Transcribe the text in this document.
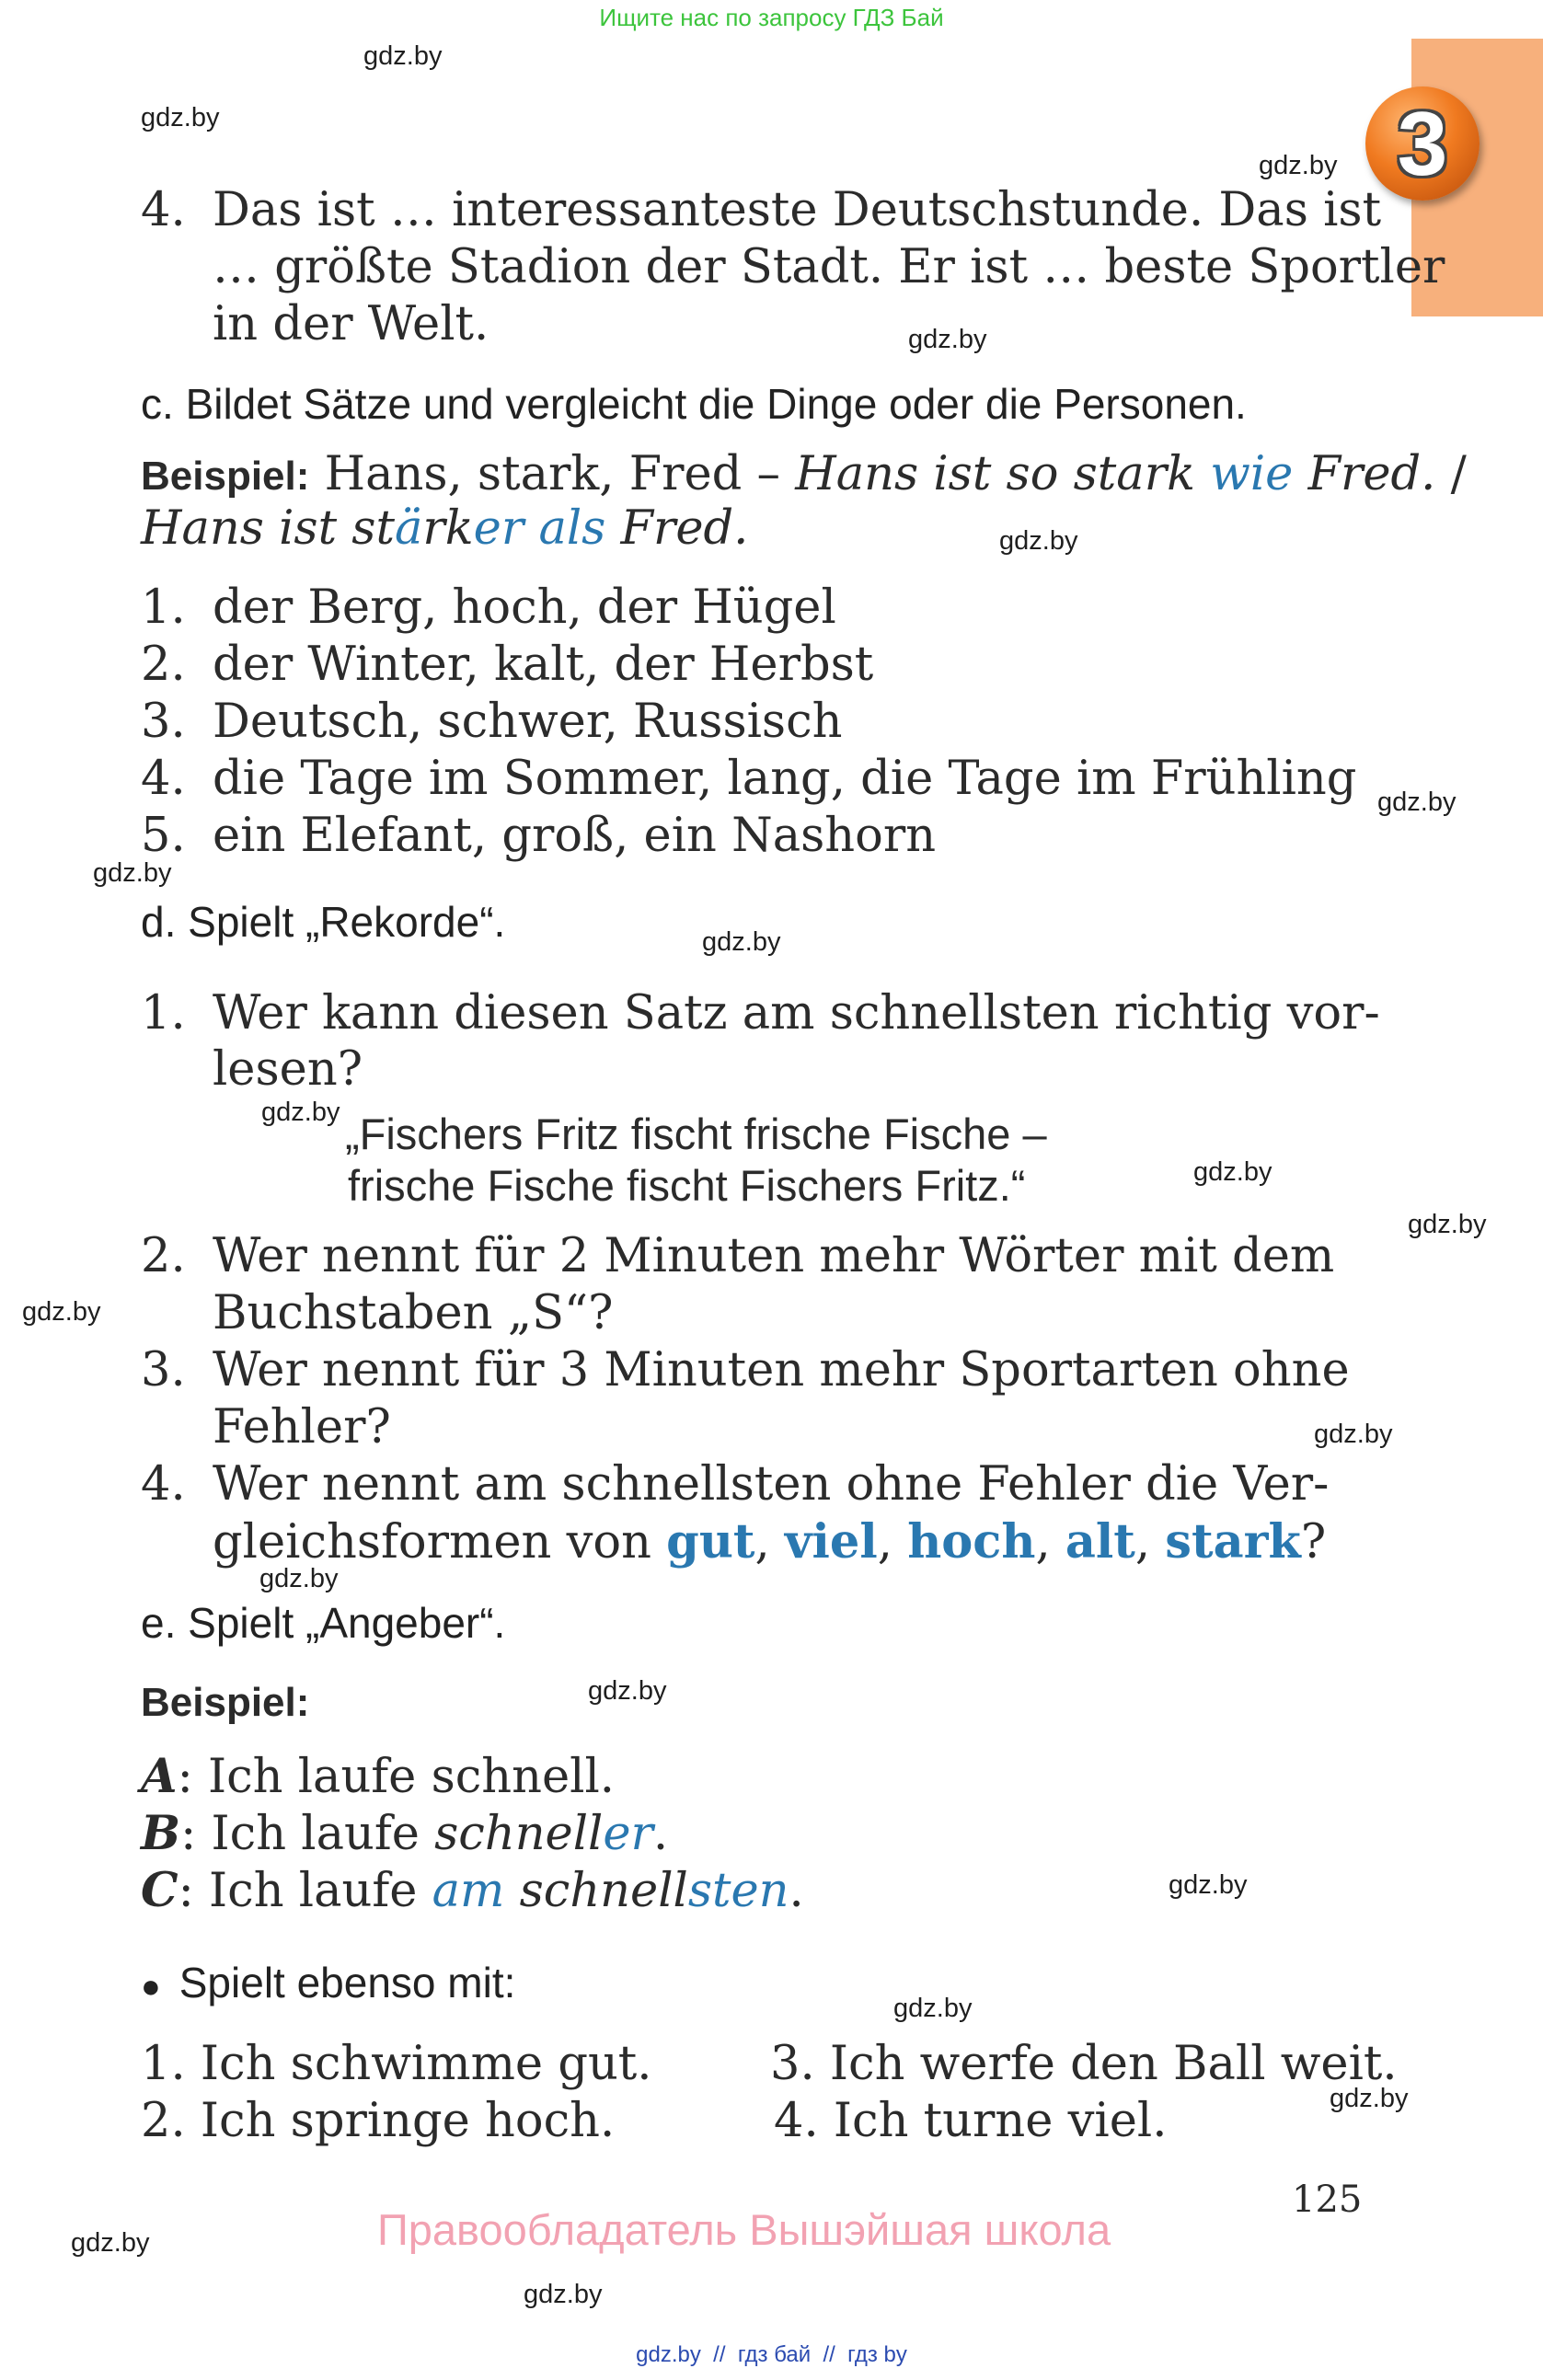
Ищите нас по запросу ГДЗ Бай
3
gdz.by
gdz.by
gdz.by
gdz.by
gdz.by
gdz.by
gdz.by
gdz.by
gdz.by
gdz.by
gdz.by
gdz.by
gdz.by
gdz.by
gdz.by
gdz.by
gdz.by
gdz.by
gdz.by
gdz.by
4. Das ist … interessanteste Deutschstunde. Das ist
… größte Stadion der Stadt. Er ist … beste Sportler
in der Welt.
c. Bildet Sätze und vergleicht die Dinge oder die Personen.
Beispiel: Hans, stark, Fred – Hans ist so stark wie Fred. /
Hans ist stärker als Fred.
1. der Berg, hoch, der Hügel
2. der Winter, kalt, der Herbst
3. Deutsch, schwer, Russisch
4. die Tage im Sommer, lang, die Tage im Frühling
5. ein Elefant, groß, ein Nashorn
d. Spielt „Rekorde“.
1. Wer kann diesen Satz am schnellsten richtig vor-
lesen?
„Fischers Fritz fischt frische Fische –
frische Fische fischt Fischers Fritz.“
2. Wer nennt für 2 Minuten mehr Wörter mit dem
Buchstaben „S“?
3. Wer nennt für 3 Minuten mehr Sportarten ohne
Fehler?
4. Wer nennt am schnellsten ohne Fehler die Ver-
gleichsformen von gut, viel, hoch, alt, stark?
e. Spielt „Angeber“.
Beispiel:
A: Ich laufe schnell.
B: Ich laufe schneller.
C: Ich laufe am schnellsten.
● Spielt ebenso mit:
1. Ich schwimme gut.
2. Ich springe hoch.
3. Ich werfe den Ball weit.
4. Ich turne viel.
125
Правообладатель Вышэйшая школа
gdz.by  //  гдз бай  //  гдз by
